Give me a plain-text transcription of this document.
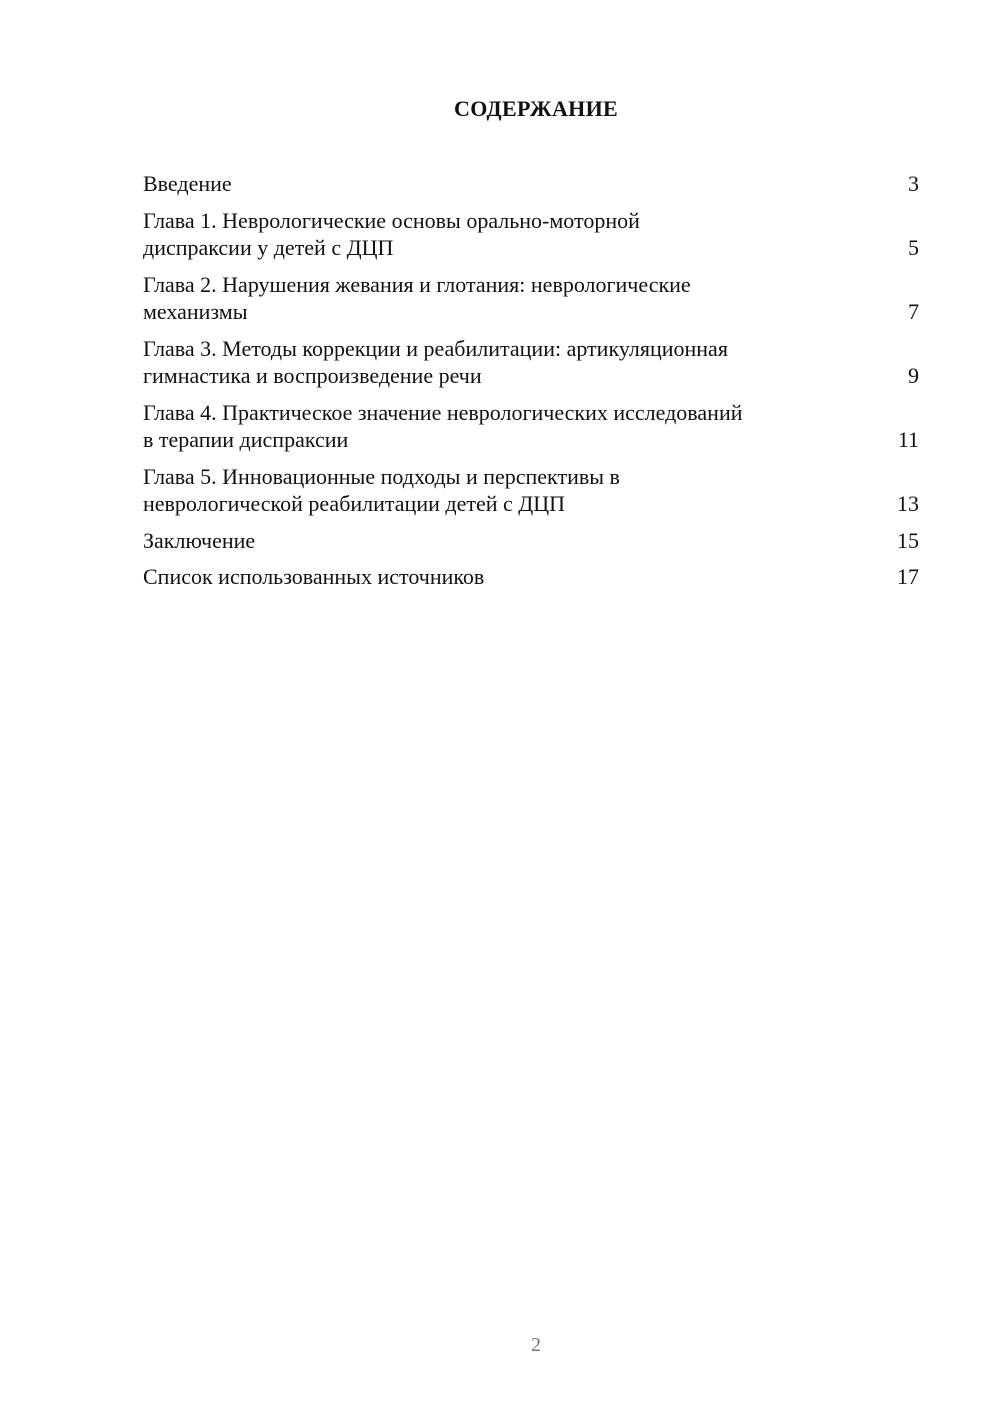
СОДЕРЖАНИЕ
Введение	3
Глава 1. Неврологические основы орально-моторной
диспраксии у детей с ДЦП	5
Глава 2. Нарушения жевания и глотания: неврологические
механизмы	7
Глава 3. Методы коррекции и реабилитации: артикуляционная
гимнастика и воспроизведение речи	9
Глава 4. Практическое значение неврологических исследований
в терапии диспраксии	11
Глава 5. Инновационные подходы и перспективы в
неврологической реабилитации детей с ДЦП	13
Заключение	15
Список использованных источников	17
2
